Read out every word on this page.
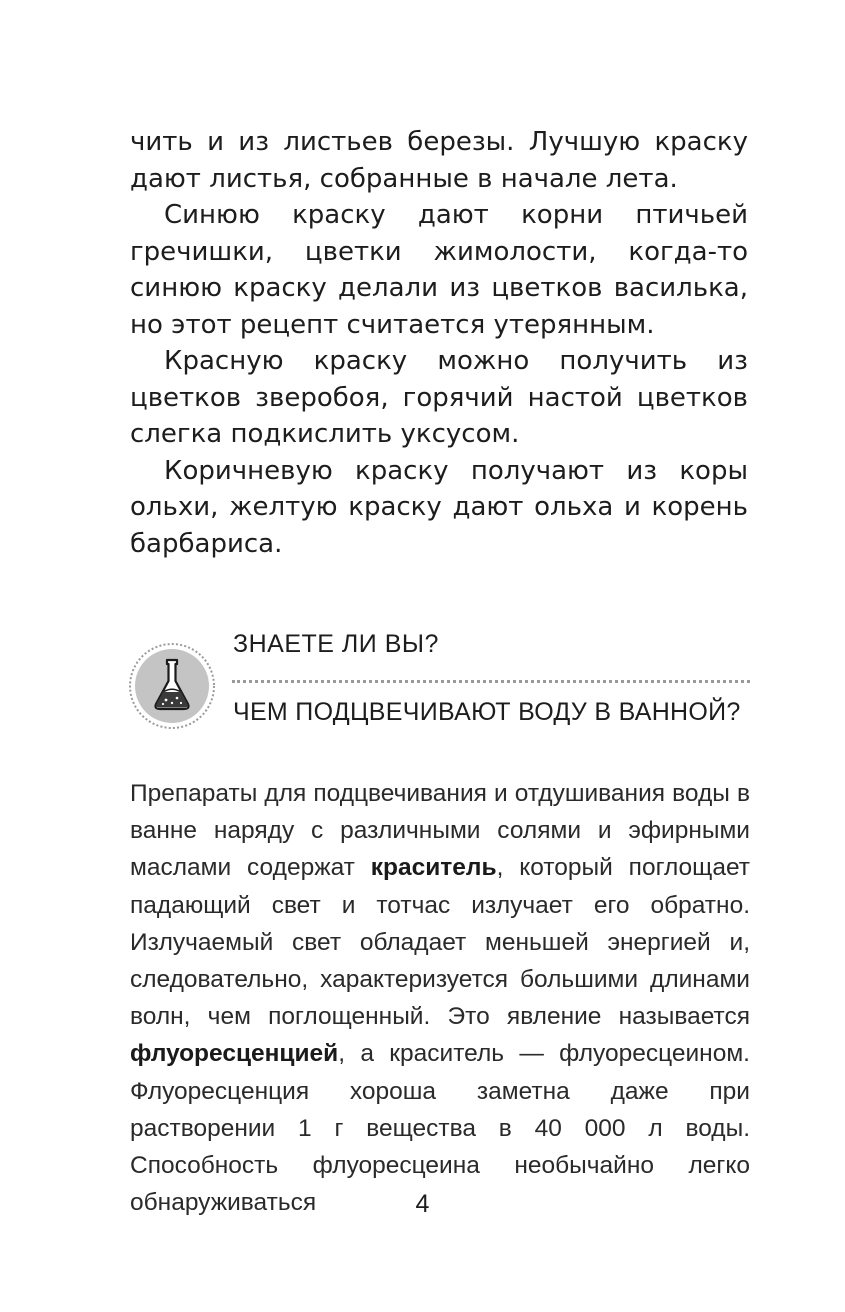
чить и из листьев березы. Лучшую краску дают листья, собранные в начале лета.

Синюю краску дают корни птичьей гречишки, цветки жимолости, когда-то синюю краску делали из цветков василька, но этот рецепт считается утерянным.

Красную краску можно получить из цветков зверобоя, горячий настой цветков слегка подкислить уксусом.

Коричневую краску получают из коры ольхи, желтую краску дают ольха и корень барбариса.

ЗНАЕТЕ ЛИ ВЫ?
ЧЕМ ПОДЦВЕЧИВАЮТ ВОДУ В ВАННОЙ?

Препараты для подцвечивания и отдушивания воды в ванне наряду с различными солями и эфирными маслами содержат краситель, который поглощает падающий свет и тотчас излучает его обратно. Излучаемый свет обладает меньшей энергией и, следовательно, характеризуется большими длинами волн, чем поглощенный. Это явление называется флуоресценцией, а краситель — флуоресцеином. Флуоресценция хороша заметна даже при растворении 1 г вещества в 40 000 л воды. Способность флуоресцеина необычайно легко обнаруживаться	4
